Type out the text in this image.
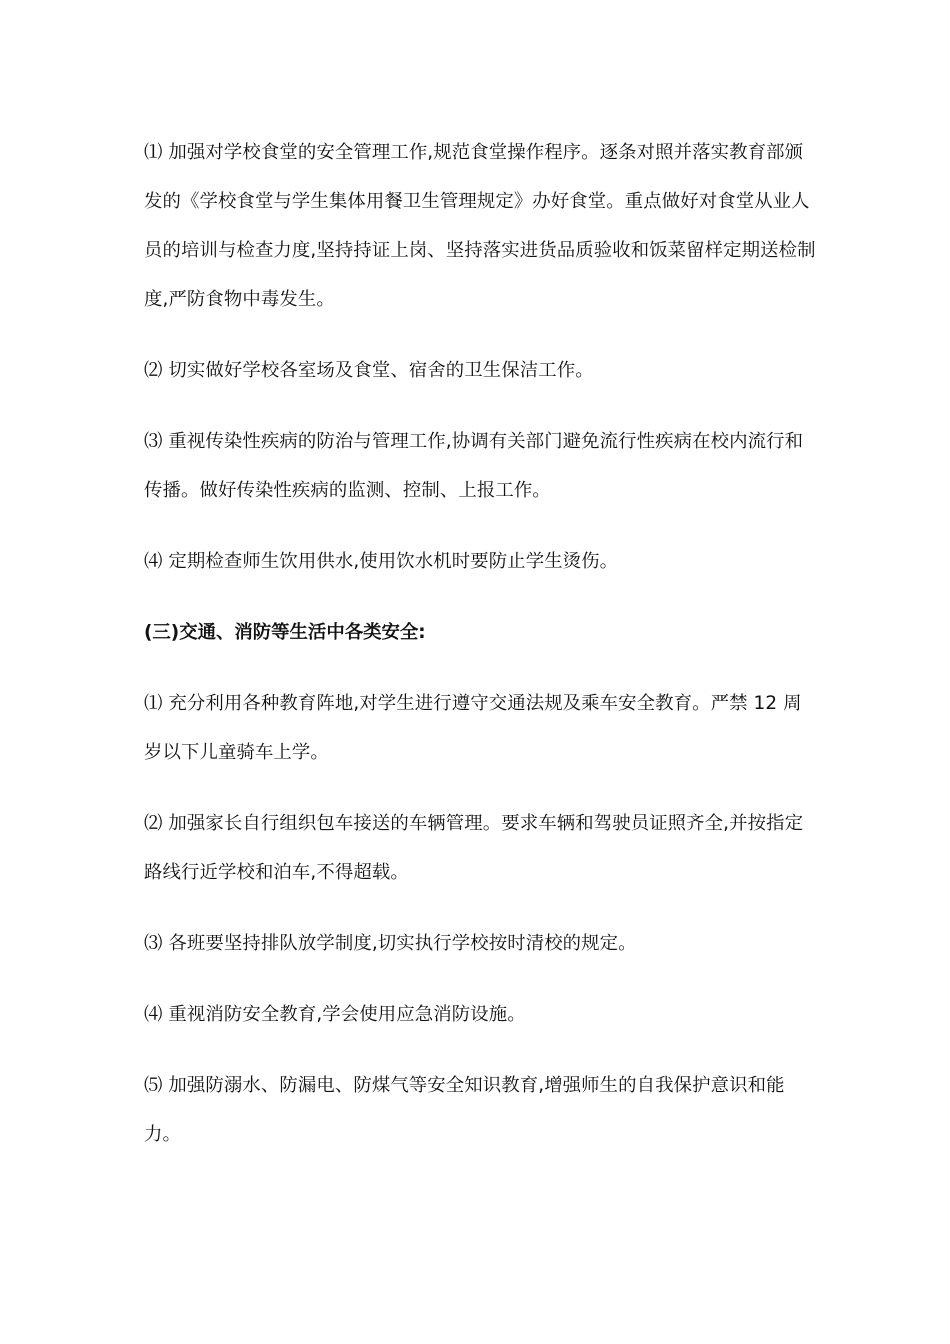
⑴ 加强对学校食堂的安全管理工作,规范食堂操作程序。逐条对照并落实教育部颁发的《学校食堂与学生集体用餐卫生管理规定》办好食堂。重点做好对食堂从业人员的培训与检查力度,坚持持证上岗、坚持落实进货品质验收和饭菜留样定期送检制度,严防食物中毒发生。

⑵ 切实做好学校各室场及食堂、宿舍的卫生保洁工作。

⑶ 重视传染性疾病的防治与管理工作,协调有关部门避免流行性疾病在校内流行和传播。做好传染性疾病的监测、控制、上报工作。

⑷ 定期检查师生饮用供水,使用饮水机时要防止学生烫伤。

(三)交通、消防等生活中各类安全:

⑴ 充分利用各种教育阵地,对学生进行遵守交通法规及乘车安全教育。严禁 12 周岁以下儿童骑车上学。

⑵ 加强家长自行组织包车接送的车辆管理。要求车辆和驾驶员证照齐全,并按指定路线行近学校和泊车,不得超载。

⑶ 各班要坚持排队放学制度,切实执行学校按时清校的规定。

⑷ 重视消防安全教育,学会使用应急消防设施。

⑸ 加强防溺水、防漏电、防煤气等安全知识教育,增强师生的自我保护意识和能力。
